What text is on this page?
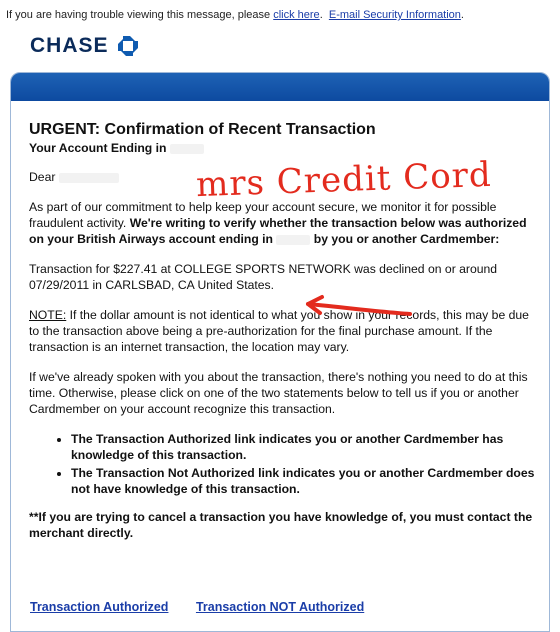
If you are having trouble viewing this message, please click here. E-mail Security Information.
CHASE
URGENT: Confirmation of Recent Transaction
Your Account Ending in
Dear

As part of our commitment to help keep your account secure, we monitor it for possible fraudulent activity. We're writing to verify whether the transaction below was authorized on your British Airways account ending in	by you or another Cardmember:

Transaction for $227.41 at COLLEGE SPORTS NETWORK was declined on or around 07/29/2011 in CARLSBAD, CA United States.

NOTE: If the dollar amount is not identical to what you show in your records, this may be due to the transaction above being a pre-authorization for the final purchase amount. If the transaction is an internet transaction, the location may vary.

If we've already spoken with you about the transaction, there's nothing you need to do at this time. Otherwise, please click on one of the two statements below to tell us if you or another Cardmember on your account recognize this transaction.

• The Transaction Authorized link indicates you or another Cardmember has knowledge of this transaction.
• The Transaction Not Authorized link indicates you or another Cardmember does not have knowledge of this transaction.

**If you are trying to cancel a transaction you have knowledge of, you must contact the merchant directly.

Transaction Authorized Transaction NOT Authorized
mrs Credit Cord
